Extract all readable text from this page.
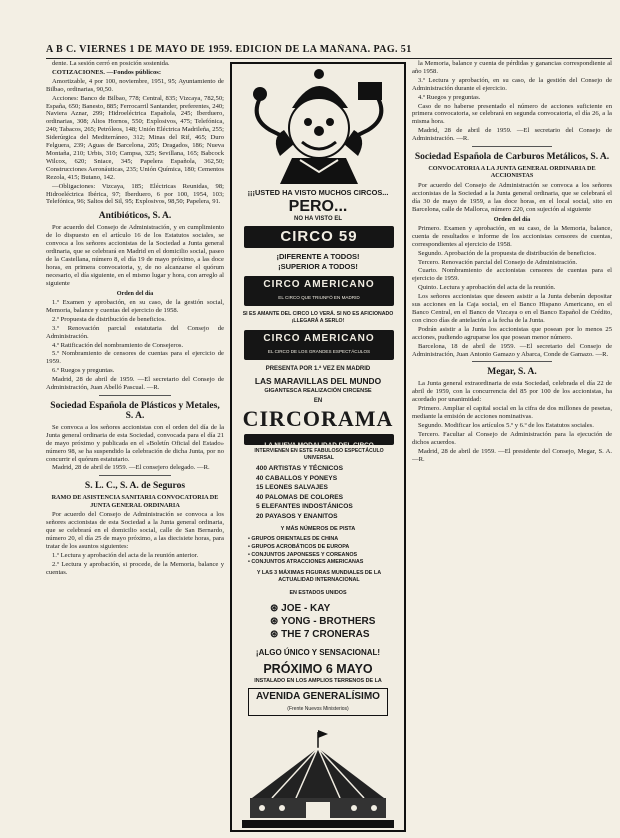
A B C. VIERNES 1 DE MAYO DE 1959. EDICION DE LA MAÑANA. PAG. 51

dente. La sesión cerró en posición sostenida.

COTIZACIONES. —Fondos públicos:

Amortizable, 4 por 100, noviembre, 1951, 95; Ayuntamiento de Bilbao, ordinarias, 90,50.

Acciones: Banco de Bilbao, 778; Central, 835; Vizcaya, 782,50; España, 650; Banesto, 885; Ferrocarril Santander, preferentes, 240; Naviera Aznar, 299; Hidroeléctrica Española, 245; Iberduero, ordinarias, 308; Altos Hornos, 550; Explosivos, 475; Telefónica, 240; Tabacos, 265; Petróleos, 148; Unión Eléctrica Madrileña, 255; Siderúrgica del Mediterráneo, 312; Minas del Rif, 465; Duro Felguera, 239; Aguas de Barcelona, 205; Dragados, 186; Nueva Montaña, 210; Urbis, 310; Campsa, 325; Sevillana, 165; Babcock Wilcox, 620; Sniace, 345; Papelera Española, 362,50; Construcciones Aeronáuticas, 235; Unión Química, 180; Cementos Rezola, 415; Butano, 142.

—Obligaciones: Vizcaya, 185; Eléctricas Reunidas, 98; Hidroeléctrica Ibérica, 97; Iberduero, 6 por 100, 1954, 103; Telefónica, 96; Saltos del Sil, 95; Explosivos, 98,50; Papelera, 91.

Antibióticos, S. A.

Por acuerdo del Consejo de Administración, y en cumplimiento de lo dispuesto en el artículo 16 de los Estatutos sociales, se convoca a los señores accionistas de la Sociedad a Junta general ordinaria, que se celebrará en Madrid en el domicilio social, paseo de la Castellana, número 8, el día 19 de mayo próximo, a las doce horas, en primera convocatoria, y, de no alcanzarse el quórum necesario, el día siguiente, en el mismo lugar y hora, con arreglo al siguiente

Orden del día

1.º Examen y aprobación, en su caso, de la gestión social, Memoria, balance y cuentas del ejercicio de 1958.

2.º Propuesta de distribución de beneficios.

3.º Renovación parcial estatutaria del Consejo de Administración.

4.º Ratificación del nombramiento de Consejeros.

5.º Nombramiento de censores de cuentas para el ejercicio de 1959.

6.º Ruegos y preguntas.

Madrid, 28 de abril de 1959. —El secretario del Consejo de Administración, Juan Abelló Pascual. —R.

Sociedad Española de Plásticos y Metales, S. A.

Se convoca a los señores accionistas con el orden del día de la Junta general ordinaria de esta Sociedad, convocada para el día 21 de mayo próximo y publicada en el «Boletín Oficial del Estado» número 98, se ha suspendido la celebración de dicha Junta, por no concurrir el quórum estatutario.

Madrid, 28 de abril de 1959. —El consejero delegado. —R.

S. L. C., S. A. de Seguros
RAMO DE ASISTENCIA SANITARIA CONVOCATORIA DE JUNTA GENERAL ORDINARIA

Por acuerdo del Consejo de Administración se convoca a los señores accionistas de esta Sociedad a la Junta general ordinaria, que se celebrará en el domicilio social, calle de San Bernardo, número 20, el día 25 de mayo próximo, a las diecisiete horas, para tratar de los asuntos siguientes:

1.º Lectura y aprobación del acta de la reunión anterior.

2.º Lectura y aprobación, si procede, de la Memoria, balance y cuentas.

¡¡¡USTED HA VISTO MUCHOS CIRCOS...
PERO...
NO HA VISTO EL
CIRCO 59
¡DIFERENTE A TODOS!
¡SUPERIOR A TODOS!
CIRCO AMERICANO
EL CIRCO QUE TRIUNFÓ EN MADRID
SI ES AMANTE DEL CIRCO LO VERÁ. SI NO ES AFICIONADO ¡LLEGARÁ A SERLO!
CIRCO AMERICANO
EL CIRCO DE LOS GRANDES ESPECTÁCULOS
PRESENTA POR 1.ª VEZ EN MADRID
LAS MARAVILLAS DEL MUNDO
GIGANTESCA REALIZACIÓN CIRCENSE
EN
CIRCORAMA
LA NUEVA MODALIDAD DEL CIRCO
INTERVIENEN EN ESTE FABULOSO ESPECTÁCULO UNIVERSAL
400 ARTISTAS Y TÉCNICOS
40 CABALLOS Y PONEYS
15 LEONES SALVAJES
40 PALOMAS DE COLORES
5 ELEFANTES INDOSTÁNICOS
20 PAYASOS Y ENANITOS
Y MÁS NÚMEROS DE PISTA
• GRUPOS ORIENTALES DE CHINA
• GRUPOS ACROBÁTICOS DE EUROPA
• CONJUNTOS JAPONESES Y COREANOS
• CONJUNTOS ATRACCIONES AMERICANAS
Y LAS 3 MÁXIMAS FIGURAS MUNDIALES DE LA ACTUALIDAD INTERNACIONAL
EN ESTADOS UNIDOS
⊛ JOE - KAY
⊛ YONG - BROTHERS
⊛ THE 7 CRONERAS
¡ALGO ÚNICO Y SENSACIONAL!
PRÓXIMO 6 MAYO
INSTALADO EN LOS AMPLIOS TERRENOS DE LA
AVENIDA GENERALÍSIMO
(Frente Nuevos Ministerios)

la Memoria, balance y cuenta de pérdidas y ganancias correspondiente al año 1958.

3.º Lectura y aprobación, en su caso, de la gestión del Consejo de Administración durante el ejercicio.

4.º Ruegos y preguntas.

Caso de no haberse presentado el número de acciones suficiente en primera convocatoria, se celebrará en segunda convocatoria, el día 26, a la misma hora.

Madrid, 28 de abril de 1959. —El secretario del Consejo de Administración. —R.

Sociedad Española de Carburos Metálicos, S. A.
CONVOCATORIA A LA JUNTA GENERAL ORDINARIA DE ACCIONISTAS

Por acuerdo del Consejo de Administración se convoca a los señores accionistas de la Sociedad a la Junta general ordinaria, que se celebrará el día 30 de mayo de 1959, a las doce horas, en el local social, sito en Barcelona, calle de Mallorca, número 220, con sujeción al siguiente

Orden del día

Primero. Examen y aprobación, en su caso, de la Memoria, balance, cuenta de resultados e informe de los accionistas censores de cuentas, correspondientes al ejercicio de 1958.

Segundo. Aprobación de la propuesta de distribución de beneficios.

Tercero. Renovación parcial del Consejo de Administración.

Cuarto. Nombramiento de accionistas censores de cuentas para el ejercicio de 1959.

Quinto. Lectura y aprobación del acta de la reunión.

Los señores accionistas que deseen asistir a la Junta deberán depositar sus acciones en la Caja social, en el Banco Hispano Americano, en el Banco Central, en el Banco de Vizcaya o en el Banco Español de Crédito, con cinco días de antelación a la fecha de la Junta.

Podrán asistir a la Junta los accionistas que posean por lo menos 25 acciones, pudiendo agruparse los que posean menor número.

Barcelona, 18 de abril de 1959. —El secretario del Consejo de Administración, Juan Antonio Gamazo y Abarca, Conde de Gamazo. —R.

Megar, S. A.

La Junta general extraordinaria de esta Sociedad, celebrada el día 22 de abril de 1959, con la concurrencia del 85 por 100 de los accionistas, ha acordado por unanimidad:

Primero. Ampliar el capital social en la cifra de dos millones de pesetas, mediante la emisión de acciones nominativas.

Segundo. Modificar los artículos 5.º y 6.º de los Estatutos sociales.

Tercero. Facultar al Consejo de Administración para la ejecución de dichos acuerdos.

Madrid, 28 de abril de 1959. —El presidente del Consejo, Megar, S. A. —R.
